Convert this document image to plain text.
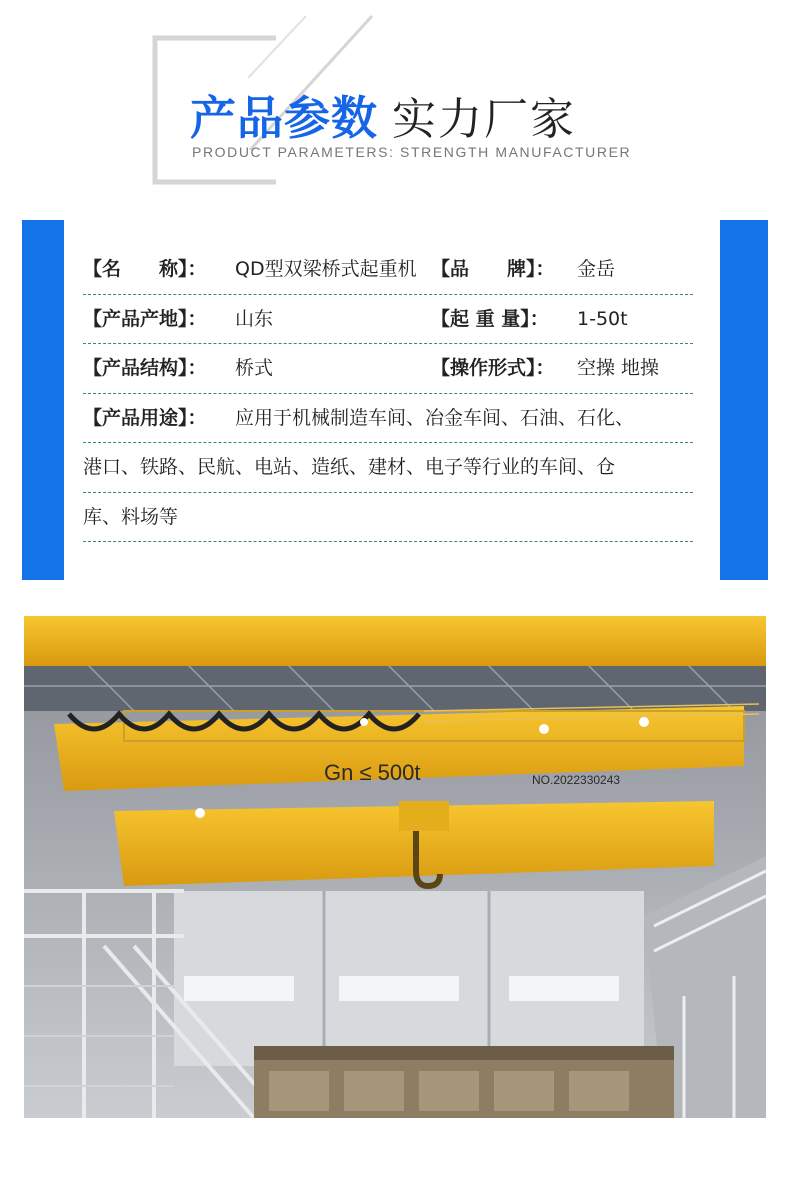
产品参数 实力厂家
PRODUCT PARAMETERS: STRENGTH MANUFACTURER
【名　　称】： QD型双梁桥式起重机 【品　　牌】： 金岳
【产品产地】： 山东	【起 重 量】： 1-50t
【产品结构】： 桥式	【操作形式】： 空操 地操
【产品用途】： 应用于机械制造车间、冶金车间、石油、石化、
港口、铁路、民航、电站、造纸、建材、电子等行业的车间、仓
库、料场等
Gn ≤ 500t	NO.2022330243
